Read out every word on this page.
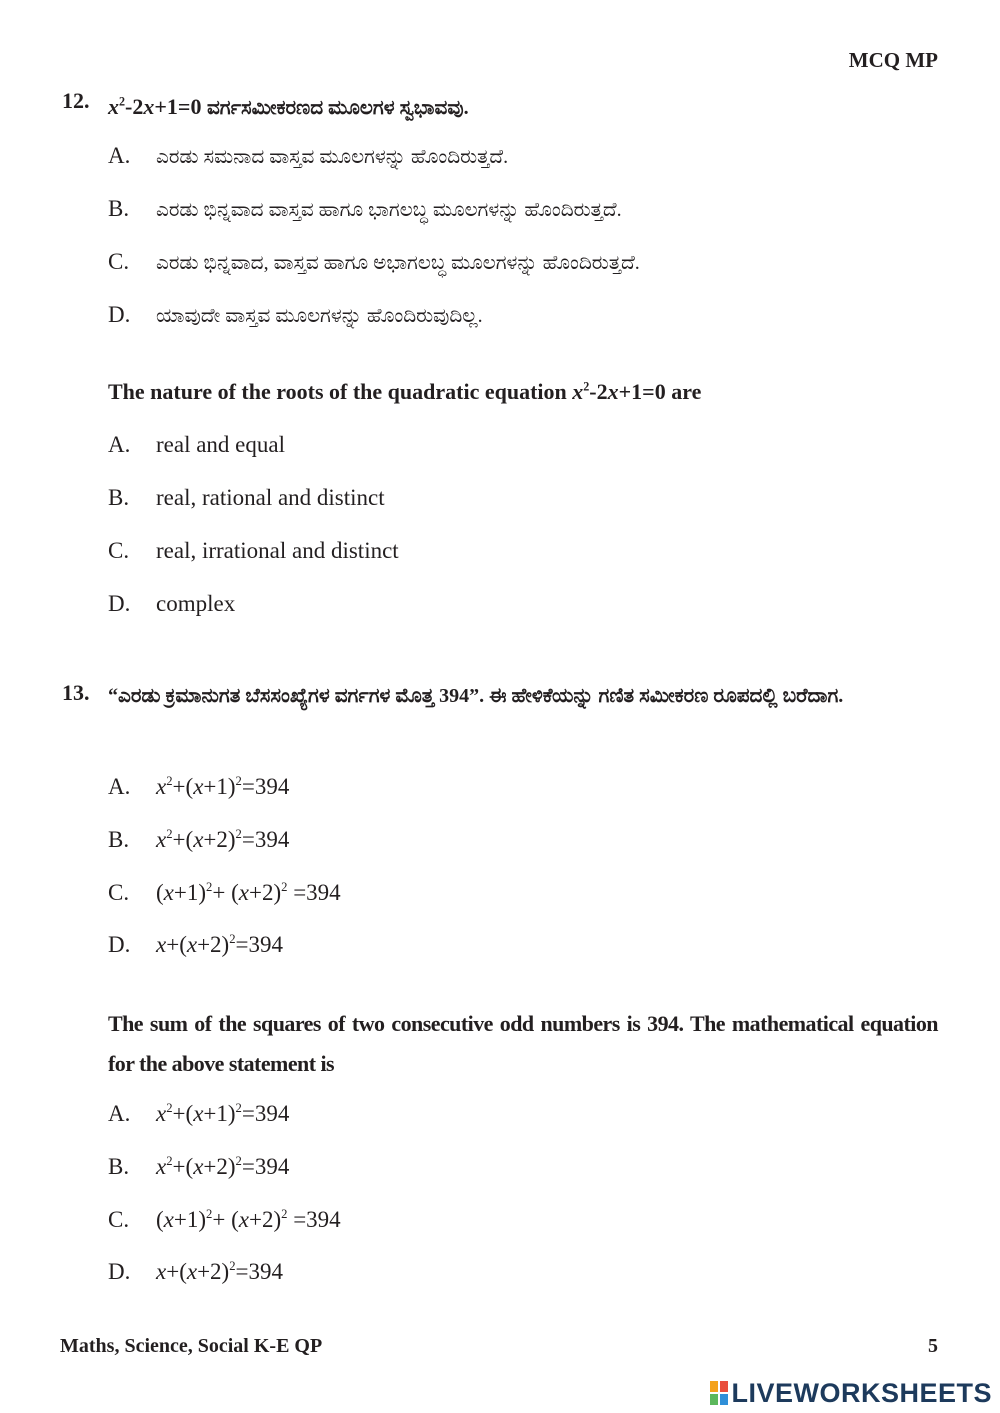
MCQ MP
12. $x^2-2x+1=0$ ವರ್ಗಸಮೀಕರಣದ ಮೂಲಗಳ ಸ್ವಭಾವವು.
A. ಎರಡು ಸಮನಾದ ವಾಸ್ತವ ಮೂಲಗಳನ್ನು ಹೊಂದಿರುತ್ತದೆ.
B. ಎರಡು ಭಿನ್ನವಾದ ವಾಸ್ತವ ಹಾಗೂ ಭಾಗಲಬ್ಧ ಮೂಲಗಳನ್ನು ಹೊಂದಿರುತ್ತದೆ.
C. ಎರಡು ಭಿನ್ನವಾದ, ವಾಸ್ತವ ಹಾಗೂ ಅಭಾಗಲಬ್ಧ ಮೂಲಗಳನ್ನು ಹೊಂದಿರುತ್ತದೆ.
D. ಯಾವುದೇ ವಾಸ್ತವ ಮೂಲಗಳನ್ನು ಹೊಂದಿರುವುದಿಲ್ಲ.
The nature of the roots of the quadratic equation $x^2-2x+1=0$ are
A. real and equal
B. real, rational and distinct
C. real, irrational and distinct
D. complex
13. “ಎರಡು ಕ್ರಮಾನುಗತ ಬೆಸಸಂಖ್ಯೆಗಳ ವರ್ಗಗಳ ಮೊತ್ತ 394”. ಈ ಹೇಳಿಕೆಯನ್ನು ಗಣಿತ ಸಮೀಕರಣ ರೂಪದಲ್ಲಿ ಬರೆದಾಗ.
A. $x^2+(x+1)^2=394$
B. $x^2+(x+2)^2=394$
C. $(x+1)^2+ (x+2)^2 =394$
D. $x+(x+2)^2=394$
The sum of the squares of two consecutive odd numbers is 394. The mathematical equation for the above statement is
A. $x^2+(x+1)^2=394$
B. $x^2+(x+2)^2=394$
C. $(x+1)^2+ (x+2)^2 =394$
D. $x+(x+2)^2=394$
Maths, Science, Social K-E QP	5
LIVEWORKSHEETS
